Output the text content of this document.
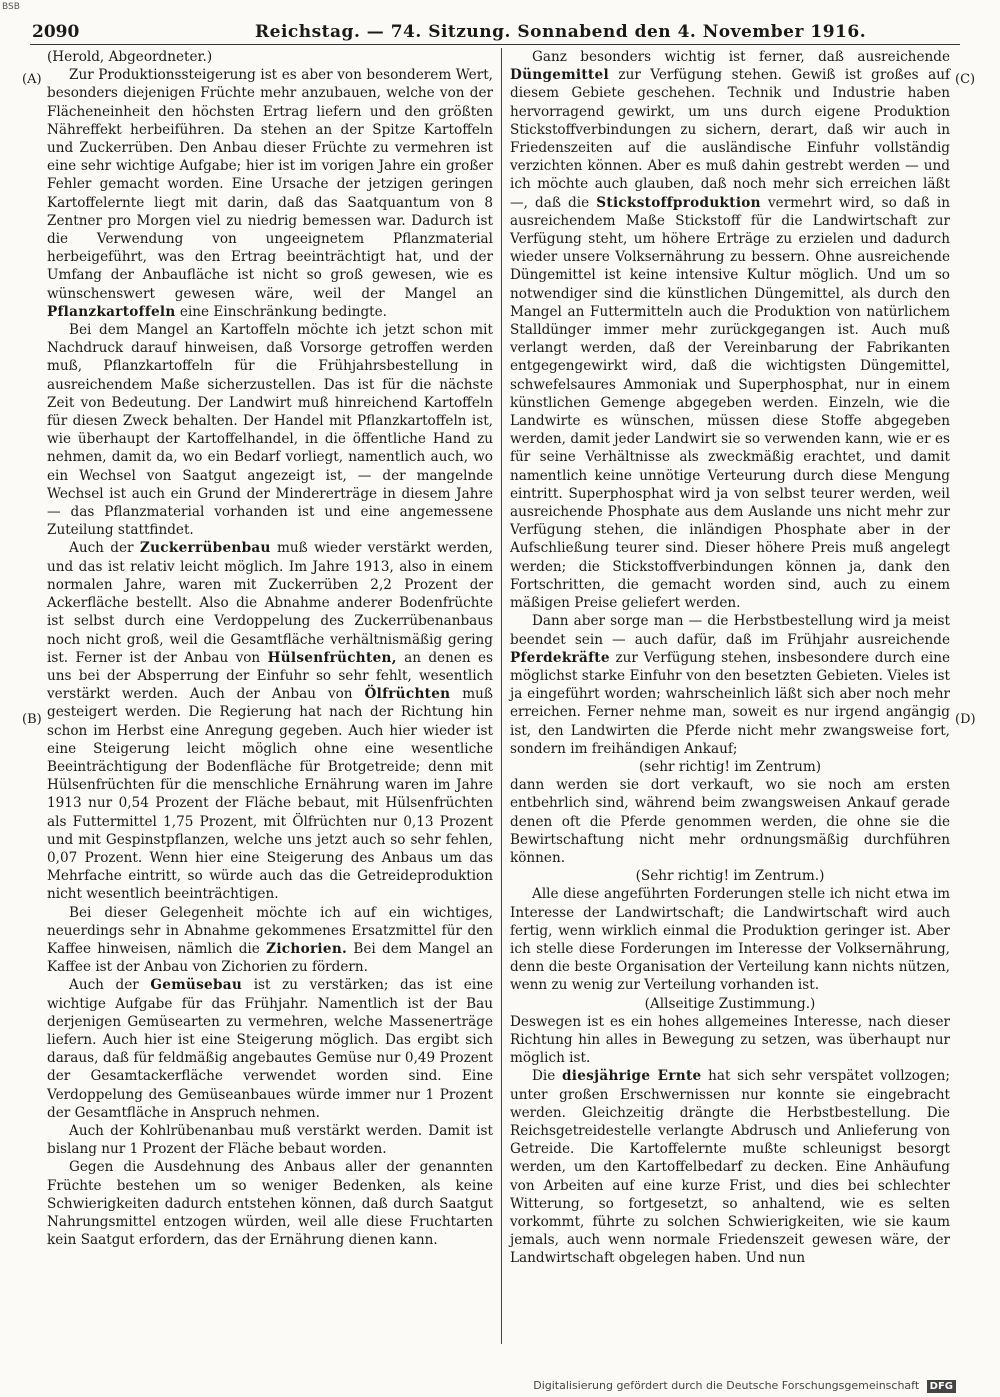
BSB
2090	Reichstag. — 74. Sitzung. Sonnabend den 4. November 1916.
(A)
(B)
(C)
(D)

(Herold, Abgeordneter.)

Zur Produktionssteigerung ist es aber von besonderem Wert, besonders diejenigen Früchte mehr anzubauen, welche von der Flächeneinheit den höchsten Ertrag liefern und den größten Nähreffekt herbeiführen. Da stehen an der Spitze Kartoffeln und Zuckerrüben. Den Anbau dieser Früchte zu vermehren ist eine sehr wichtige Aufgabe; hier ist im vorigen Jahre ein großer Fehler gemacht worden. Eine Ursache der jetzigen geringen Kartoffelernte liegt mit darin, daß das Saatquantum von 8 Zentner pro Morgen viel zu niedrig bemessen war. Dadurch ist die Verwendung von ungeeignetem Pflanzmaterial herbeigeführt, was den Ertrag beeinträchtigt hat, und der Umfang der Anbaufläche ist nicht so groß gewesen, wie es wünschenswert gewesen wäre, weil der Mangel an Pflanzkartoffeln eine Einschränkung bedingte.

Bei dem Mangel an Kartoffeln möchte ich jetzt schon mit Nachdruck darauf hinweisen, daß Vorsorge getroffen werden muß, Pflanzkartoffeln für die Frühjahrsbestellung in ausreichendem Maße sicherzustellen. Das ist für die nächste Zeit von Bedeutung. Der Landwirt muß hinreichend Kartoffeln für diesen Zweck behalten. Der Handel mit Pflanzkartoffeln ist, wie überhaupt der Kartoffelhandel, in die öffentliche Hand zu nehmen, damit da, wo ein Bedarf vorliegt, namentlich auch, wo ein Wechsel von Saatgut angezeigt ist, — der mangelnde Wechsel ist auch ein Grund der Mindererträge in diesem Jahre — das Pflanzmaterial vorhanden ist und eine angemessene Zuteilung stattfindet.

Auch der Zuckerrübenbau muß wieder verstärkt werden, und das ist relativ leicht möglich. Im Jahre 1913, also in einem normalen Jahre, waren mit Zuckerrüben 2,2 Prozent der Ackerfläche bestellt. Also die Abnahme anderer Bodenfrüchte ist selbst durch eine Verdoppelung des Zuckerrübenanbaus noch nicht groß, weil die Gesamtfläche verhältnismäßig gering ist. Ferner ist der Anbau von Hülsenfrüchten, an denen es uns bei der Absperrung der Einfuhr so sehr fehlt, wesentlich verstärkt werden. Auch der Anbau von Ölfrüchten muß gesteigert werden. Die Regierung hat nach der Richtung hin schon im Herbst eine Anregung gegeben. Auch hier wieder ist eine Steigerung leicht möglich ohne eine wesentliche Beeinträchtigung der Bodenfläche für Brotgetreide; denn mit Hülsenfrüchten für die menschliche Ernährung waren im Jahre 1913 nur 0,54 Prozent der Fläche bebaut, mit Hülsenfrüchten als Futtermittel 1,75 Prozent, mit Ölfrüchten nur 0,13 Prozent und mit Gespinstpflanzen, welche uns jetzt auch so sehr fehlen, 0,07 Prozent. Wenn hier eine Steigerung des Anbaus um das Mehrfache eintritt, so würde auch das die Getreideproduktion nicht wesentlich beeinträchtigen.

Bei dieser Gelegenheit möchte ich auf ein wichtiges, neuerdings sehr in Abnahme gekommenes Ersatzmittel für den Kaffee hinweisen, nämlich die Zichorien. Bei dem Mangel an Kaffee ist der Anbau von Zichorien zu fördern.

Auch der Gemüsebau ist zu verstärken; das ist eine wichtige Aufgabe für das Frühjahr. Namentlich ist der Bau derjenigen Gemüsearten zu vermehren, welche Massenerträge liefern. Auch hier ist eine Steigerung möglich. Das ergibt sich daraus, daß für feldmäßig angebautes Gemüse nur 0,49 Prozent der Gesamtackerfläche verwendet worden sind. Eine Verdoppelung des Gemüseanbaues würde immer nur 1 Prozent der Gesamtfläche in Anspruch nehmen.

Auch der Kohlrübenanbau muß verstärkt werden. Damit ist bislang nur 1 Prozent der Fläche bebaut worden.

Gegen die Ausdehnung des Anbaus aller der genannten Früchte bestehen um so weniger Bedenken, als keine Schwierigkeiten dadurch entstehen können, daß durch Saatgut Nahrungsmittel entzogen würden, weil alle diese Fruchtarten kein Saatgut erfordern, das der Ernährung dienen kann.

Ganz besonders wichtig ist ferner, daß ausreichende Düngemittel zur Verfügung stehen. Gewiß ist großes auf diesem Gebiete geschehen. Technik und Industrie haben hervorragend gewirkt, um uns durch eigene Produktion Stickstoffverbindungen zu sichern, derart, daß wir auch in Friedenszeiten auf die ausländische Einfuhr vollständig verzichten können. Aber es muß dahin gestrebt werden — und ich möchte auch glauben, daß noch mehr sich erreichen läßt —, daß die Stickstoffproduktion vermehrt wird, so daß in ausreichendem Maße Stickstoff für die Landwirtschaft zur Verfügung steht, um höhere Erträge zu erzielen und dadurch wieder unsere Volksernährung zu bessern. Ohne ausreichende Düngemittel ist keine intensive Kultur möglich. Und um so notwendiger sind die künstlichen Düngemittel, als durch den Mangel an Futtermitteln auch die Produktion von natürlichem Stalldünger immer mehr zurückgegangen ist. Auch muß verlangt werden, daß der Vereinbarung der Fabrikanten entgegengewirkt wird, daß die wichtigsten Düngemittel, schwefelsaures Ammoniak und Superphosphat, nur in einem künstlichen Gemenge abgegeben werden. Einzeln, wie die Landwirte es wünschen, müssen diese Stoffe abgegeben werden, damit jeder Landwirt sie so verwenden kann, wie er es für seine Verhältnisse als zweckmäßig erachtet, und damit namentlich keine unnötige Verteurung durch diese Mengung eintritt. Superphosphat wird ja von selbst teurer werden, weil ausreichende Phosphate aus dem Auslande uns nicht mehr zur Verfügung stehen, die inländigen Phosphate aber in der Aufschließung teurer sind. Dieser höhere Preis muß angelegt werden; die Stickstoffverbindungen können ja, dank den Fortschritten, die gemacht worden sind, auch zu einem mäßigen Preise geliefert werden.

Dann aber sorge man — die Herbstbestellung wird ja meist beendet sein — auch dafür, daß im Frühjahr ausreichende Pferdekräfte zur Verfügung stehen, insbesondere durch eine möglichst starke Einfuhr von den besetzten Gebieten. Vieles ist ja eingeführt worden; wahrscheinlich läßt sich aber noch mehr erreichen. Ferner nehme man, soweit es nur irgend angängig ist, den Landwirten die Pferde nicht mehr zwangsweise fort, sondern im freihändigen Ankauf;

(sehr richtig! im Zentrum)

dann werden sie dort verkauft, wo sie noch am ersten entbehrlich sind, während beim zwangsweisen Ankauf gerade denen oft die Pferde genommen werden, die ohne sie die Bewirtschaftung nicht mehr ordnungsmäßig durchführen können.

(Sehr richtig! im Zentrum.)

Alle diese angeführten Forderungen stelle ich nicht etwa im Interesse der Landwirtschaft; die Landwirtschaft wird auch fertig, wenn wirklich einmal die Produktion geringer ist. Aber ich stelle diese Forderungen im Interesse der Volksernährung, denn die beste Organisation der Verteilung kann nichts nützen, wenn zu wenig zur Verteilung vorhanden ist.

(Allseitige Zustimmung.)

Deswegen ist es ein hohes allgemeines Interesse, nach dieser Richtung hin alles in Bewegung zu setzen, was überhaupt nur möglich ist.

Die diesjährige Ernte hat sich sehr verspätet vollzogen; unter großen Erschwernissen nur konnte sie eingebracht werden. Gleichzeitig drängte die Herbstbestellung. Die Reichsgetreidestelle verlangte Abdrusch und Anlieferung von Getreide. Die Kartoffelernte mußte schleunigst besorgt werden, um den Kartoffelbedarf zu decken. Eine Anhäufung von Arbeiten auf eine kurze Frist, und dies bei schlechter Witterung, so fortgesetzt, so anhaltend, wie es selten vorkommt, führte zu solchen Schwierigkeiten, wie sie kaum jemals, auch wenn normale Friedenszeit gewesen wäre, der Landwirtschaft obgelegen haben. Und nun

Digitalisierung gefördert durch die Deutsche Forschungsgemeinschaft DFG
